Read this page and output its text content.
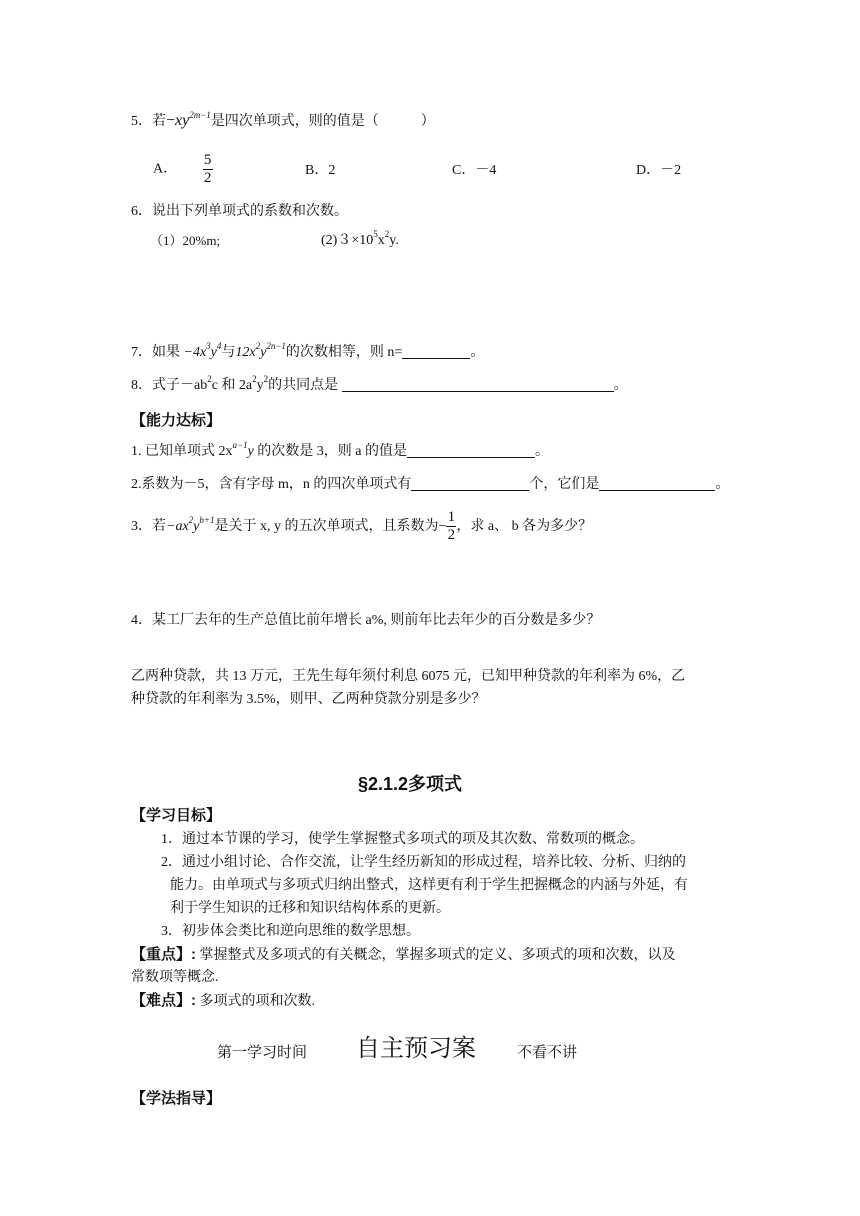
5．若$-xy^{2m-1}$是四次单项式，则的值是（　　　）
A． $\frac{5}{2}$	B．2	C．－4	D．－2
6．说出下列单项式的系数和次数。
（1）20%m;	$(2)3\times 10^5x^2y$.
7．如果 $-4x^3y^4$与$12x^2y^{2n-1}$的次数相等，则 n=	。
8．式子$-ab^2c$ 和 $2a^2y^2$的共同点是	。
【能力达标】
1. 已知单项式 $2x^{a-1}y$ 的次数是 3，则 a 的值是	。
2.系数为－5，含有字母 m，n 的四次单项式有	个，它们是	。
3．若$-ax^2y^{b+1}$是关于 x, y 的五次单项式，且系数为− $\frac{1}{2}$ ，求 a、 b 各为多少？
4．某工厂去年的生产总值比前年增长 a%, 则前年比去年少的百分数是多少？
乙两种贷款，共 13 万元，王先生每年须付利息 6075 元，已知甲种贷款的年利率为 6%，乙
种贷款的年利率为 3.5%，则甲、乙两种贷款分别是多少？
§2.1.2多项式
【学习目标】
1．通过本节课的学习，使学生掌握整式多项式的项及其次数、常数项的概念。
2．通过小组讨论、合作交流，让学生经历新知的形成过程，培养比较、分析、归纳的
能力。由单项式与多项式归纳出整式，这样更有利于学生把握概念的内涵与外延，有
利于学生知识的迁移和知识结构体系的更新。
3．初步体会类比和逆向思维的数学思想。
【重点】: 掌握整式及多项式的有关概念，掌握多项式的定义、多项式的项和次数，以及
常数项等概念.
【难点】: 多项式的项和次数.
第一学习时间 自主预习案	不看不讲
【学法指导】
